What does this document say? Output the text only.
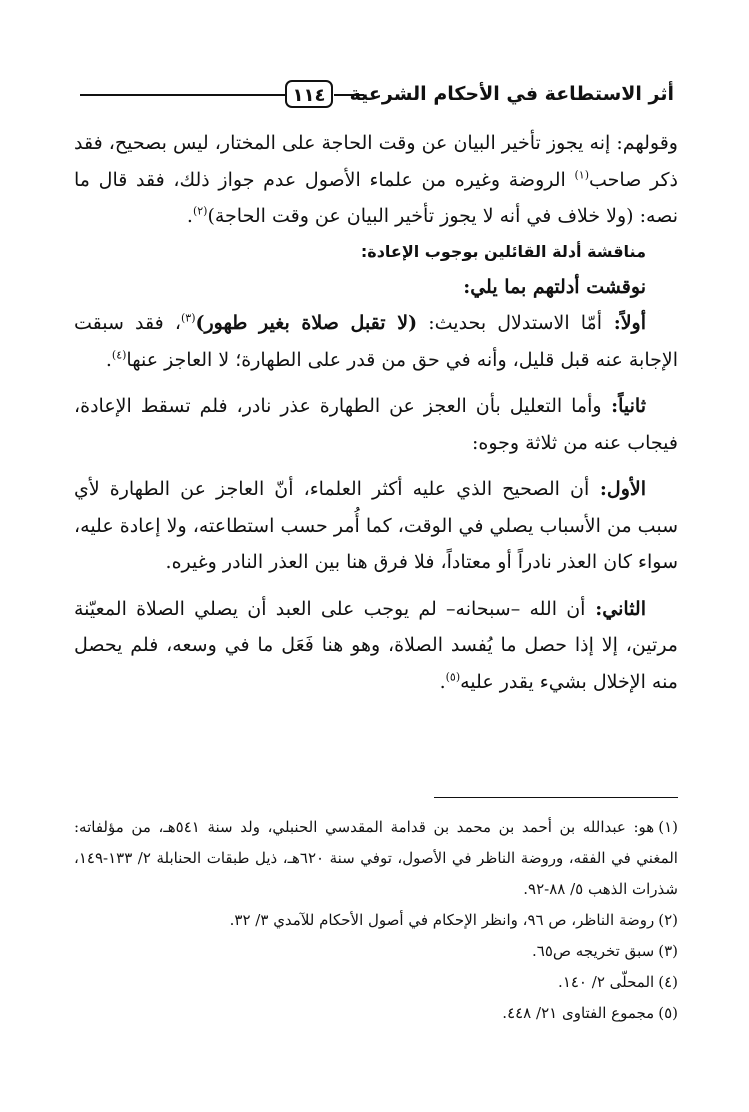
١١٤	أثر الاستطاعة في الأحكام الشرعية

وقولهم: إنه يجوز تأخير البيان عن وقت الحاجة على المختار، ليس بصحيح، فقد ذكر صاحب$^{(١)}$ الروضة وغيره من علماء الأصول عدم جواز ذلك، فقد قال ما نصه: (ولا خلاف في أنه لا يجوز تأخير البيان عن وقت الحاجة)$^{(٢)}$.

مناقشة أدلة القائلين بوجوب الإعادة:

نوقشت أدلتهم بما يلي:

أولاً: أمّا الاستدلال بحديث: (لا تقبل صلاة بغير طهور)$^{(٣)}$، فقد سبقت الإجابة عنه قبل قليل، وأنه في حق من قدر على الطهارة؛ لا العاجز عنها$^{(٤)}$.

ثانياً: وأما التعليل بأن العجز عن الطهارة عذر نادر، فلم تسقط الإعادة، فيجاب عنه من ثلاثة وجوه:

الأول: أن الصحيح الذي عليه أكثر العلماء، أنّ العاجز عن الطهارة لأي سبب من الأسباب يصلي في الوقت، كما أُمر حسب استطاعته، ولا إعادة عليه، سواء كان العذر نادراً أو معتاداً، فلا فرق هنا بين العذر النادر وغيره.

الثاني: أن الله –سبحانه– لم يوجب على العبد أن يصلي الصلاة المعيّنة مرتين، إلا إذا حصل ما يُفسد الصلاة، وهو هنا فَعَل ما في وسعه، فلم يحصل منه الإخلال بشيء يقدر عليه$^{(٥)}$.

(١)هو: عبدالله بن أحمد بن محمد بن قدامة المقدسي الحنبلي، ولد سنة ٥٤١هـ، من مؤلفاته: المغني في الفقه، وروضة الناظر في الأصول، توفي سنة ٦٢٠هـ، ذيل طبقات الحنابلة ٢/ ١٣٣-١٤٩، شذرات الذهب ٥/ ٨٨-٩٢.

(٢)روضة الناظر، ص ٩٦، وانظر الإحكام في أصول الأحكام للآمدي ٣/ ٣٢.

(٣)سبق تخريجه ص٦٥.

(٤)المحلّى ٢/ ١٤٠.

(٥)مجموع الفتاوى ٢١/ ٤٤٨.
